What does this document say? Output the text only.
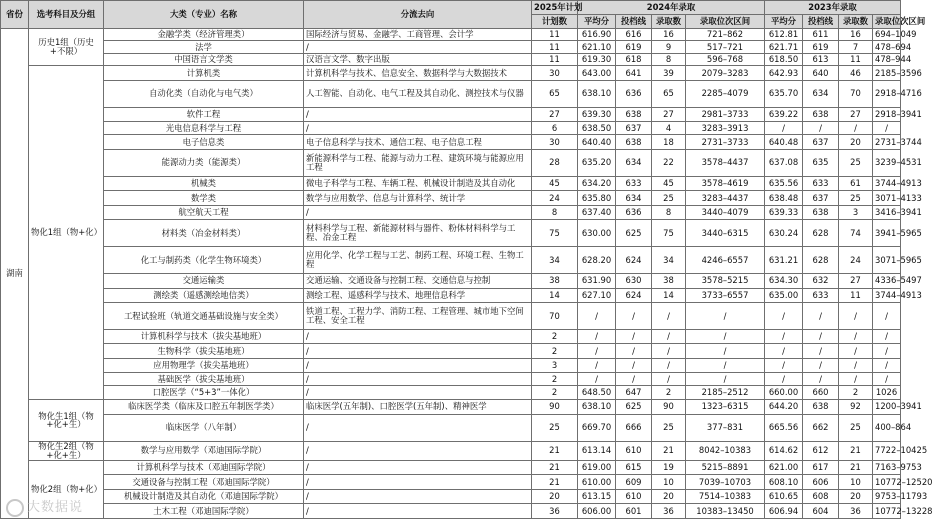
省份	选考科目及分组	大类（专业）名称	分流去向	2025年计划	2024年录取				2023年录取			
				计划数	平均分	投档线	录取数	录取位次区间	平均分	投档线	录取数	录取位次区间
湖南	历史1组（历史+不限）	金融学类（经济管理类）	国际经济与贸易、金融学、工商管理、会计学	11	616.90	616	16	721–862	612.81	611	16	694–1049
		法学	/	11	621.10	619	9	517–721	621.71	619	7	478–694
		中国语言文学类	汉语言文学、数字出版	11	619.30	618	8	596–768	618.50	613	11	478–944
	物化1组（物+化）	计算机类	计算机科学与技术、信息安全、数据科学与大数据技术	30	643.00	641	39	2079–3283	642.93	640	46	2185–3596
		自动化类（自动化与电气类）	人工智能、自动化、电气工程及其自动化、测控技术与仪器	65	638.10	636	65	2285–4079	635.70	634	70	2918–4716
		软件工程	/	27	639.30	638	27	2981–3733	639.22	638	27	2918–3941
		光电信息科学与工程	/	6	638.50	637	4	3283–3913	/	/	/	/
		电子信息类	电子信息科学与技术、通信工程、电子信息工程	30	640.40	638	18	2731–3733	640.48	637	20	2731–3744
		能源动力类（能源类）	新能源科学与工程、能源与动力工程、建筑环境与能源应用工程	28	635.20	634	22	3578–4437	637.08	635	25	3239–4531
		机械类	微电子科学与工程、车辆工程、机械设计制造及其自动化	45	634.20	633	45	3578–4619	635.56	633	61	3744–4913
		数学类	数学与应用数学、信息与计算科学、统计学	24	635.80	634	25	3283–4437	638.48	637	25	3071–4133
		航空航天工程	/	8	637.40	636	8	3440–4079	639.33	638	3	3416–3941
		材料类（冶金材料类）	材料科学与工程、新能源材料与器件、粉体材料科学与工程、冶金工程	75	630.00	625	75	3440–6315	630.24	628	74	3941–5965
		化工与制药类（化学生物环境类）	应用化学、化学工程与工艺、制药工程、环境工程、生物工程	34	628.20	624	34	4246–6557	631.21	628	24	3071–5965
		交通运输类	交通运输、交通设备与控制工程、交通信息与控制	38	631.90	630	38	3578–5215	634.30	632	27	4336–5497
		测绘类（遥感测绘地信类）	测绘工程、遥感科学与技术、地理信息科学	14	627.10	624	14	3733–6557	635.00	633	11	3744–4913
		工程试验班（轨道交通基础设施与安全类）	铁道工程、工程力学、消防工程、工程管理、城市地下空间工程、安全工程	70	/	/	/	/	/	/	/	/
		计算机科学与技术（拔尖基地班）	/	2	/	/	/	/	/	/	/	/
		生物科学（拔尖基地班）	/	2	/	/	/	/	/	/	/	/
		应用物理学（拔尖基地班）	/	3	/	/	/	/	/	/	/	/
		基础医学（拔尖基地班）	/	2	/	/	/	/	/	/	/	/
		口腔医学（“5+3”一体化）	/	2	648.50	647	2	2185–2512	660.00	660	2	1026
	物化生1组（物+化+生）	临床医学类（临床及口腔五年制医学类）	临床医学(五年制)、口腔医学(五年制)、精神医学	90	638.10	625	90	1323–6315	644.20	638	92	1200–3941
		临床医学（八年制）	/	25	669.70	666	25	377–831	665.56	662	25	400–864
	物化生2组（物+化+生）	数学与应用数学（邓迪国际学院）	/	21	613.14	610	21	8042–10383	614.62	612	21	7722–10425
	物化2组（物+化）	计算机科学与技术（邓迪国际学院）	/	21	619.00	615	19	5215–8891	621.00	617	21	7163–9753
		交通设备与控制工程（邓迪国际学院）	/	21	610.00	609	10	7039–10703	608.10	606	10	10772–12520
		机械设计制造及其自动化（邓迪国际学院）	/	20	613.15	610	20	7514–10383	610.65	608	20	9753–11793
		土木工程（邓迪国际学院）	/	36	606.00	601	36	10383–13450	606.94	604	36	10772–13228
大数据说
